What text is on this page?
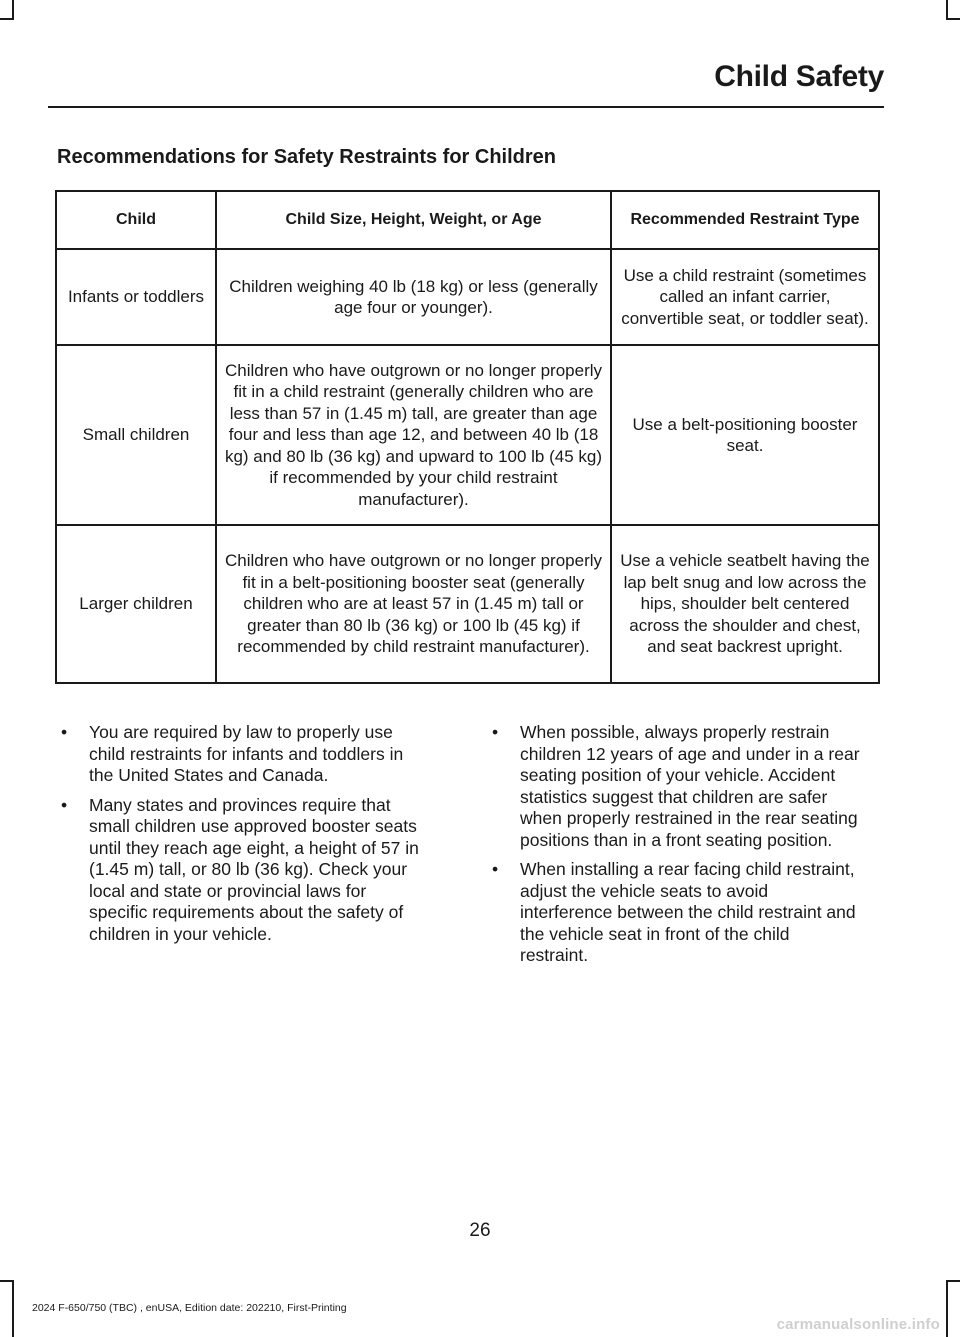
Child Safety
Recommendations for Safety Restraints for Children
Child	Child Size, Height, Weight, or Age	Recommended Restraint Type
Infants or toddlers	Children weighing 40 lb (18 kg) or less (generally age four or younger).	Use a child restraint (sometimes called an infant carrier, convertible seat, or toddler seat).
Small children	Children who have outgrown or no longer properly fit in a child restraint (generally children who are less than 57 in (1.45 m) tall, are greater than age four and less than age 12, and between 40 lb (18 kg) and 80 lb (36 kg) and upward to 100 lb (45 kg) if recommended by your child restraint manufacturer).	Use a belt-positioning booster seat.
Larger children	Children who have outgrown or no longer properly fit in a belt-positioning booster seat (generally children who are at least 57 in (1.45 m) tall or greater than 80 lb (36 kg) or 100 lb (45 kg) if recommended by child restraint manufacturer).	Use a vehicle seatbelt having the lap belt snug and low across the hips, shoulder belt centered across the shoulder and chest, and seat backrest upright.
• You are required by law to properly use child restraints for infants and toddlers in the United States and Canada.
• Many states and provinces require that small children use approved booster seats until they reach age eight, a height of 57 in (1.45 m) tall, or 80 lb (36 kg). Check your local and state or provincial laws for specific requirements about the safety of children in your vehicle.
• When possible, always properly restrain children 12 years of age and under in a rear seating position of your vehicle. Accident statistics suggest that children are safer when properly restrained in the rear seating positions than in a front seating position.
• When installing a rear facing child restraint, adjust the vehicle seats to avoid interference between the child restraint and the vehicle seat in front of the child restraint.
26
2024 F-650/750 (TBC) , enUSA, Edition date: 202210, First-Printing
carmanualsonline.info
